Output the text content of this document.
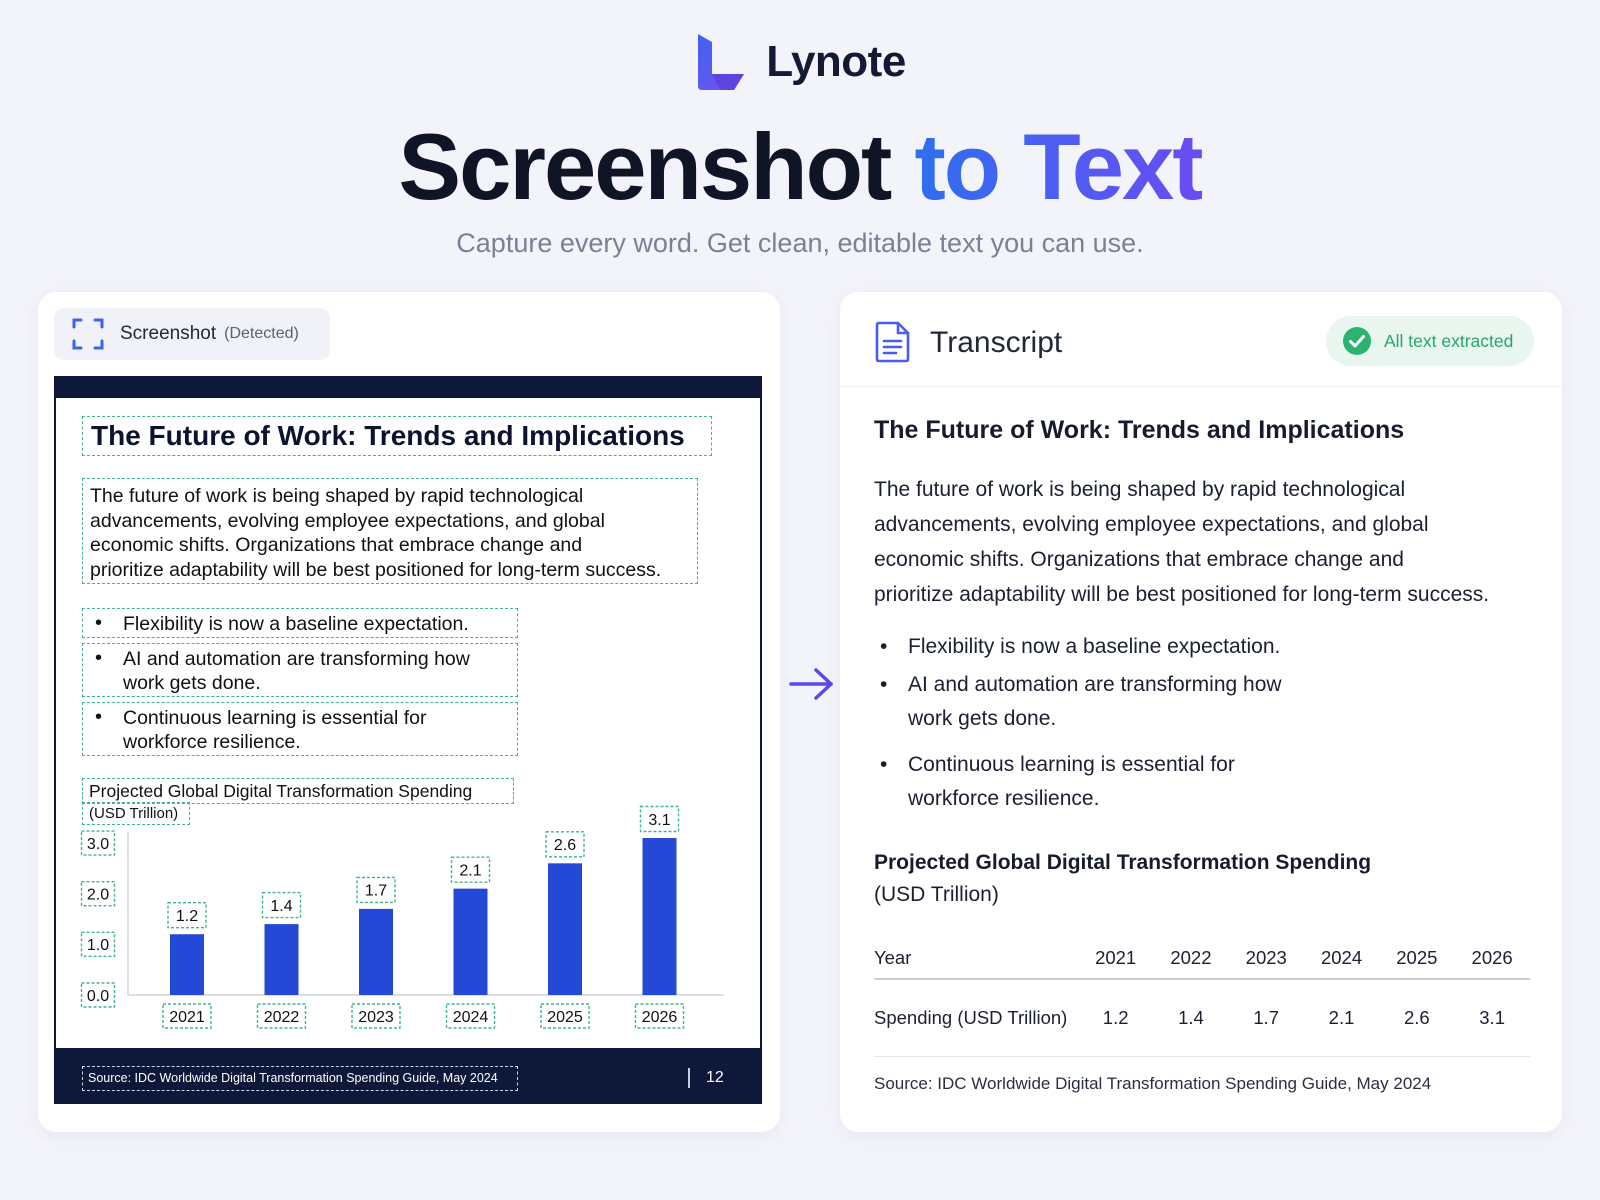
Lynote
Screenshot to Text
Capture every word. Get clean, editable text you can use.
Screenshot (Detected)
The Future of Work: Trends and Implications
The future of work is being shaped by rapid technological
advancements, evolving employee expectations, and global
economic shifts. Organizations that embrace change and
prioritize adaptability will be best positioned for long-term success.
• Flexibility is now a baseline expectation.
• AI and automation are transforming how
work gets done.
• Continuous learning is essential for
workforce resilience.
Projected Global Digital Transformation Spending
(USD Trillion)
0.0
1.0
2.0
3.0
1.2
2021
1.4
2022
1.7
2023
2.1
2024
2.6
2025
3.1
2026
Source: IDC Worldwide Digital Transformation Spending Guide, May 2024	12
Transcript	All text extracted
The Future of Work: Trends and Implications
The future of work is being shaped by rapid technological
advancements, evolving employee expectations, and global
economic shifts. Organizations that embrace change and
prioritize adaptability will be best positioned for long-term success.
• Flexibility is now a baseline expectation.
• AI and automation are transforming how
work gets done.
• Continuous learning is essential for
workforce resilience.
Projected Global Digital Transformation Spending
(USD Trillion)
Year	2021	2022	2023	2024	2025	2026
Spending (USD Trillion)	1.2	1.4	1.7	2.1	2.6	3.1
Source: IDC Worldwide Digital Transformation Spending Guide, May 2024
